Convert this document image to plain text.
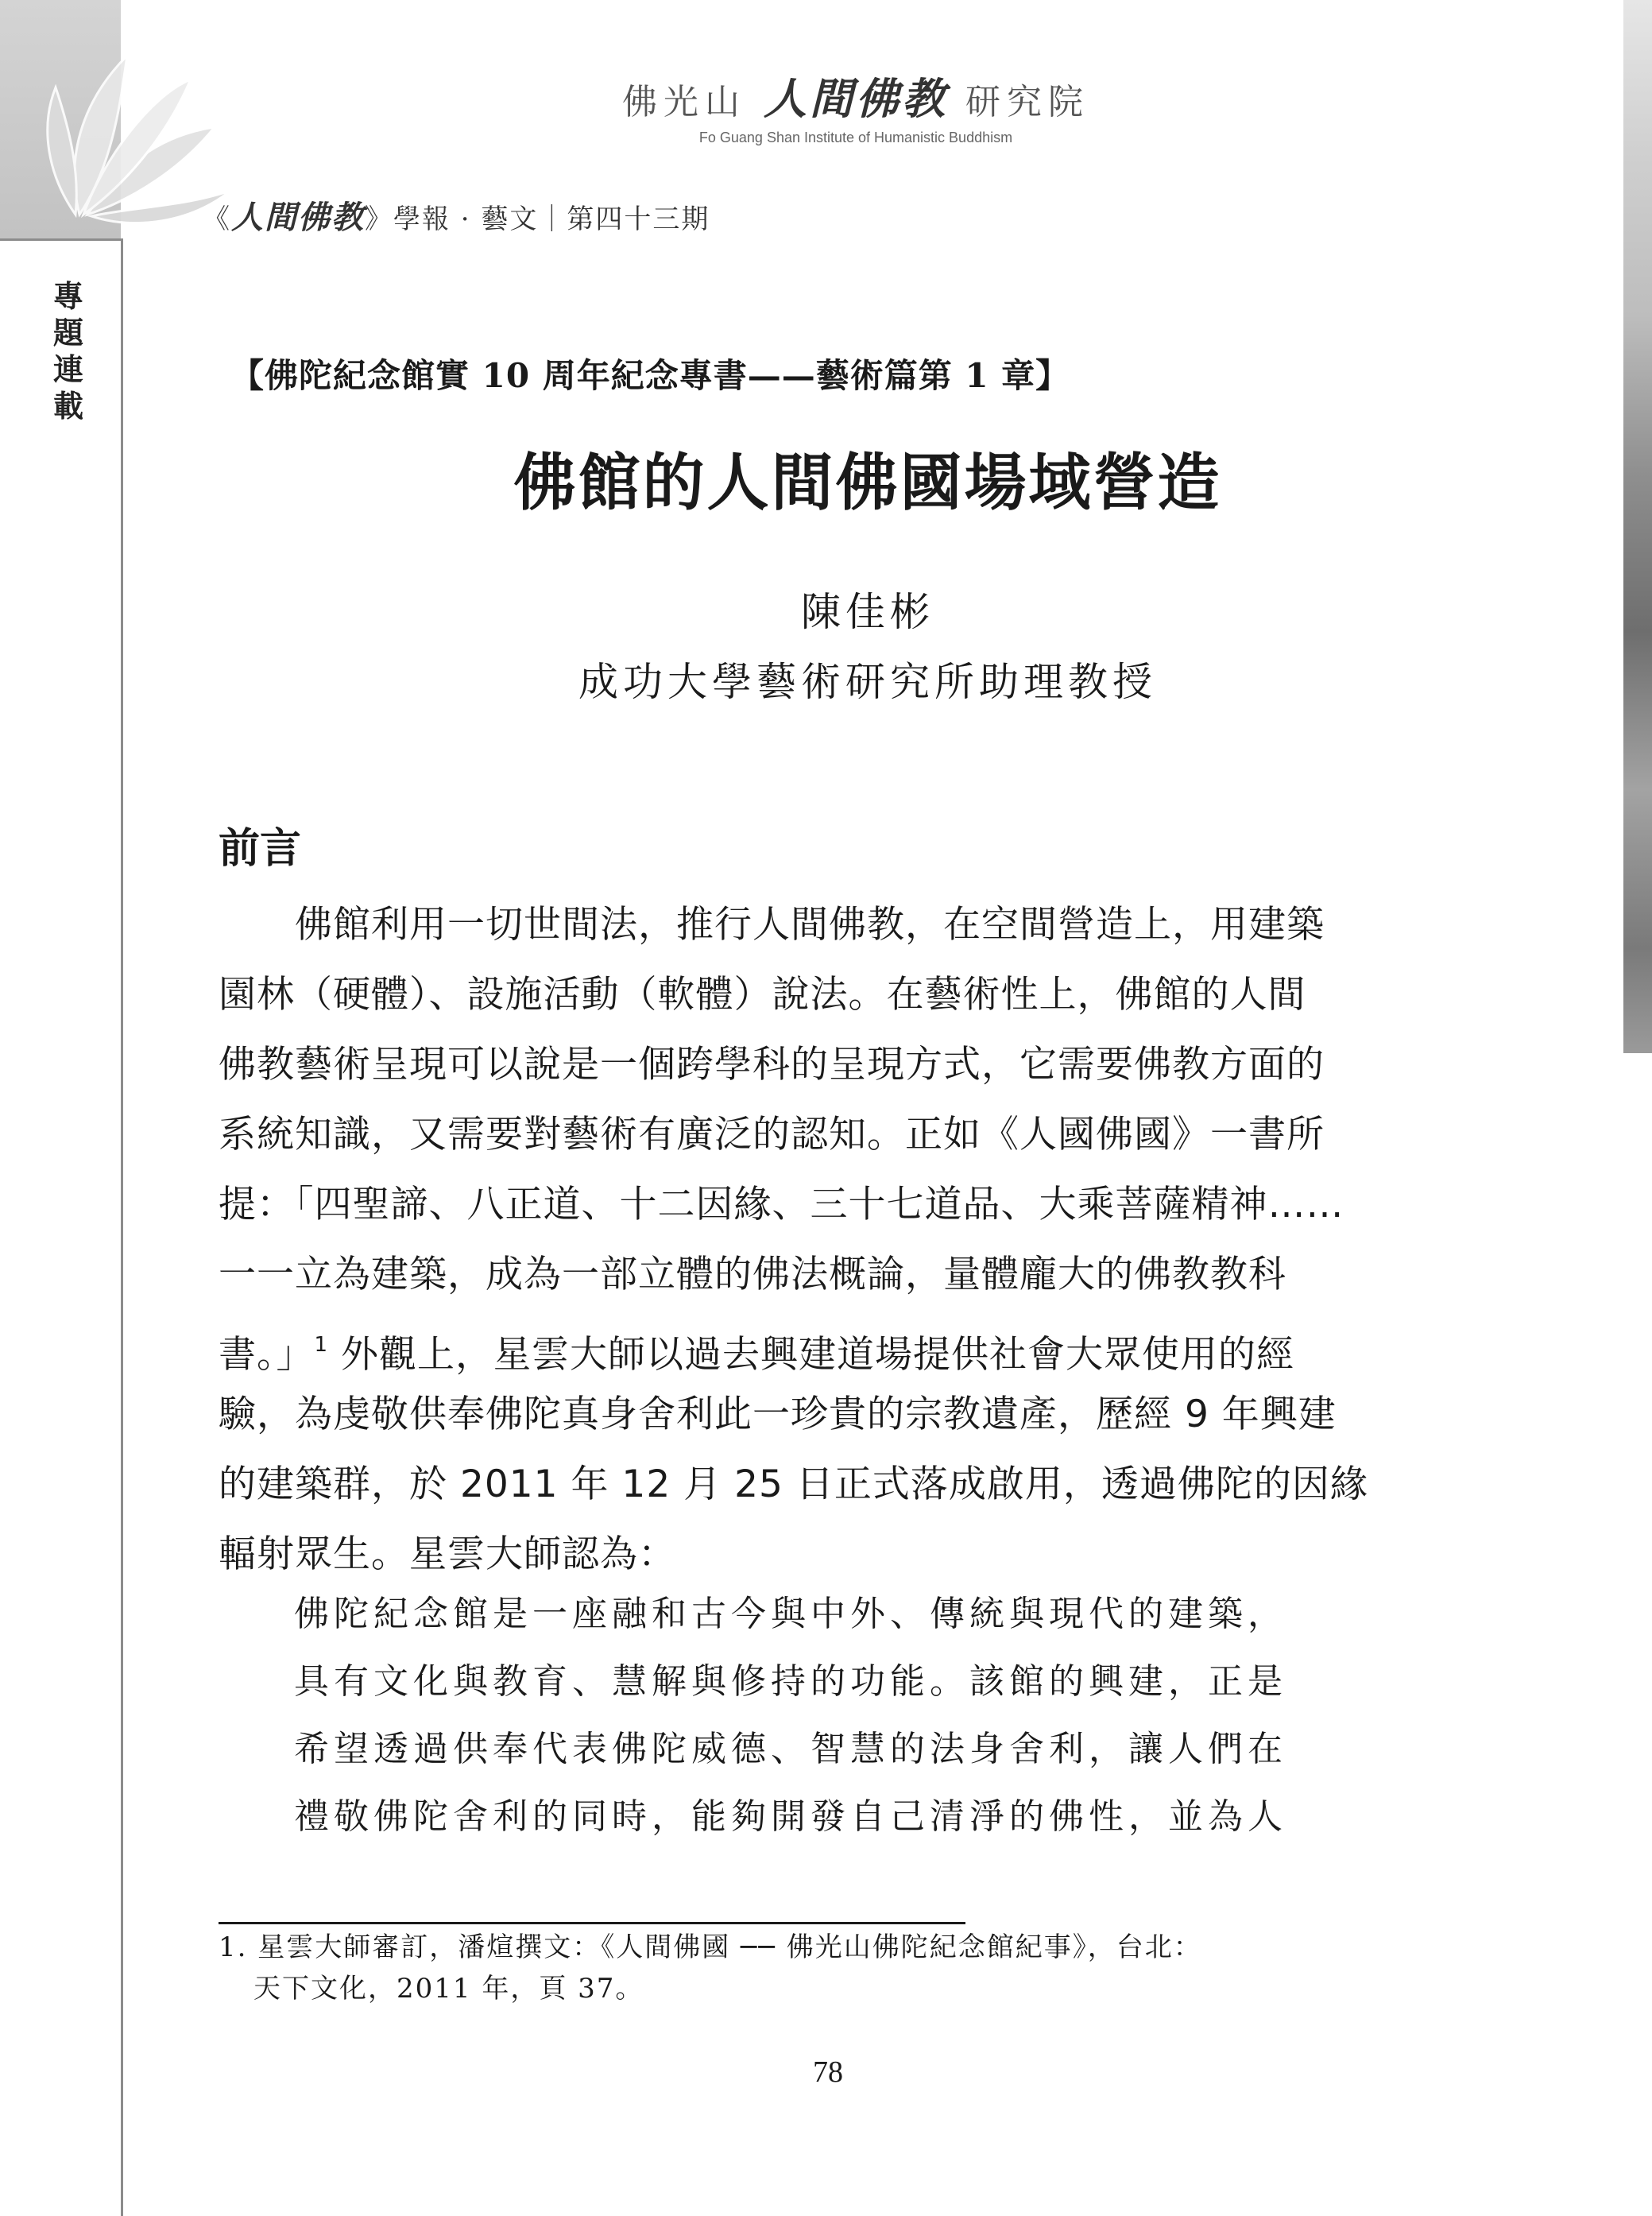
佛光山 人間佛教 研究院
Fo Guang Shan Institute of Humanistic Buddhism
《人間佛教》學報 · 藝文｜第四十三期
專題連載
【佛陀紀念館實 10 周年紀念專書——藝術篇第 1 章】
佛館的人間佛國場域營造
陳佳彬
成功大學藝術研究所助理教授
前言
佛館利用一切世間法，推行人間佛教，在空間營造上，用建築
園林（硬體）、設施活動（軟體）說法。在藝術性上，佛館的人間
佛教藝術呈現可以說是一個跨學科的呈現方式，它需要佛教方面的
系統知識，又需要對藝術有廣泛的認知。正如《人國佛國》一書所
提：「四聖諦、八正道、十二因緣、三十七道品、大乘菩薩精神……
一一立為建築，成為一部立體的佛法概論，量體龐大的佛教教科
書。」$^1$ 外觀上，星雲大師以過去興建道場提供社會大眾使用的經
驗，為虔敬供奉佛陀真身舍利此一珍貴的宗教遺產，歷經 9 年興建
的建築群，於 2011 年 12 月 25 日正式落成啟用，透過佛陀的因緣
輻射眾生。星雲大師認為：
佛陀紀念館是一座融和古今與中外、傳統與現代的建築，
具有文化與教育、慧解與修持的功能。該館的興建，正是
希望透過供奉代表佛陀威德、智慧的法身舍利，讓人們在
禮敬佛陀舍利的同時，能夠開發自己清淨的佛性，並為人
1. 星雲大師審訂，潘煊撰文：《人間佛國 ── 佛光山佛陀紀念館紀事》，台北：
天下文化，2011 年，頁 37。
78
